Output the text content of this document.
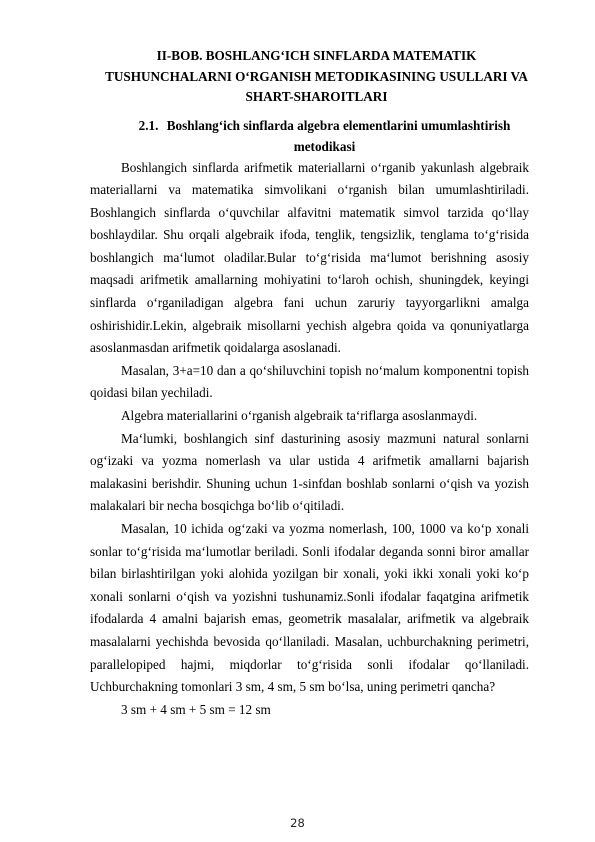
II-BOB. BOSHLANG‘ICH SINFLARDA MATEMATIK TUSHUNCHALARNI O‘RGANISH METODIKASINING USULLARI VA SHART-SHAROITLARI
2.1. Boshlang‘ich sinflarda algebra elementlarini umumlashtirish metodikasi

Boshlangich sinflarda arifmetik materiallarni o‘rganib yakunlash algebraik materiallarni va matematika simvolikani o‘rganish bilan umumlashtiriladi. Boshlangich sinflarda o‘quvchilar alfavitni matematik simvol tarzida qo‘llay boshlaydilar. Shu orqali algebraik ifoda, tenglik, tengsizlik, tenglama to‘g‘risida boshlangich ma‘lumot oladilar.Bular to‘g‘risida ma‘lumot berishning asosiy maqsadi arifmetik amallarning mohiyatini to‘laroh ochish, shuningdek, keyingi sinflarda o‘rganiladigan algebra fani uchun zaruriy tayyorgarlikni amalga oshirishidir.Lekin, algebraik misollarni yechish algebra qoida va qonuniyatlarga asoslanmasdan arifmetik qoidalarga asoslanadi.

Masalan, 3+a=10 dan a qo‘shiluvchini topish no‘malum komponentni topish qoidasi bilan yechiladi.

Algebra materiallarini o‘rganish algebraik ta‘riflarga asoslanmaydi.

Ma‘lumki, boshlangich sinf dasturining asosiy mazmuni natural sonlarni og‘izaki va yozma nomerlash va ular ustida 4 arifmetik amallarni bajarish malakasini berishdir. Shuning uchun 1-sinfdan boshlab sonlarni o‘qish va yozish malakalari bir necha bosqichga bo‘lib o‘qitiladi.

Masalan, 10 ichida og‘zaki va yozma nomerlash, 100, 1000 va ko‘p xonali sonlar to‘g‘risida ma‘lumotlar beriladi. Sonli ifodalar deganda sonni biror amallar bilan birlashtirilgan yoki alohida yozilgan bir xonali, yoki ikki xonali yoki ko‘p xonali sonlarni o‘qish va yozishni tushunamiz.Sonli ifodalar faqatgina arifmetik ifodalarda 4 amalni bajarish emas, geometrik masalalar, arifmetik va algebraik masalalarni yechishda bevosida qo‘llaniladi. Masalan, uchburchakning perimetri, parallelopiped hajmi, miqdorlar to‘g‘risida sonli ifodalar qo‘llaniladi. Uchburchakning tomonlari 3 sm, 4 sm, 5 sm bo‘lsa, uning perimetri qancha?

3 sm + 4 sm + 5 sm = 12 sm

28
